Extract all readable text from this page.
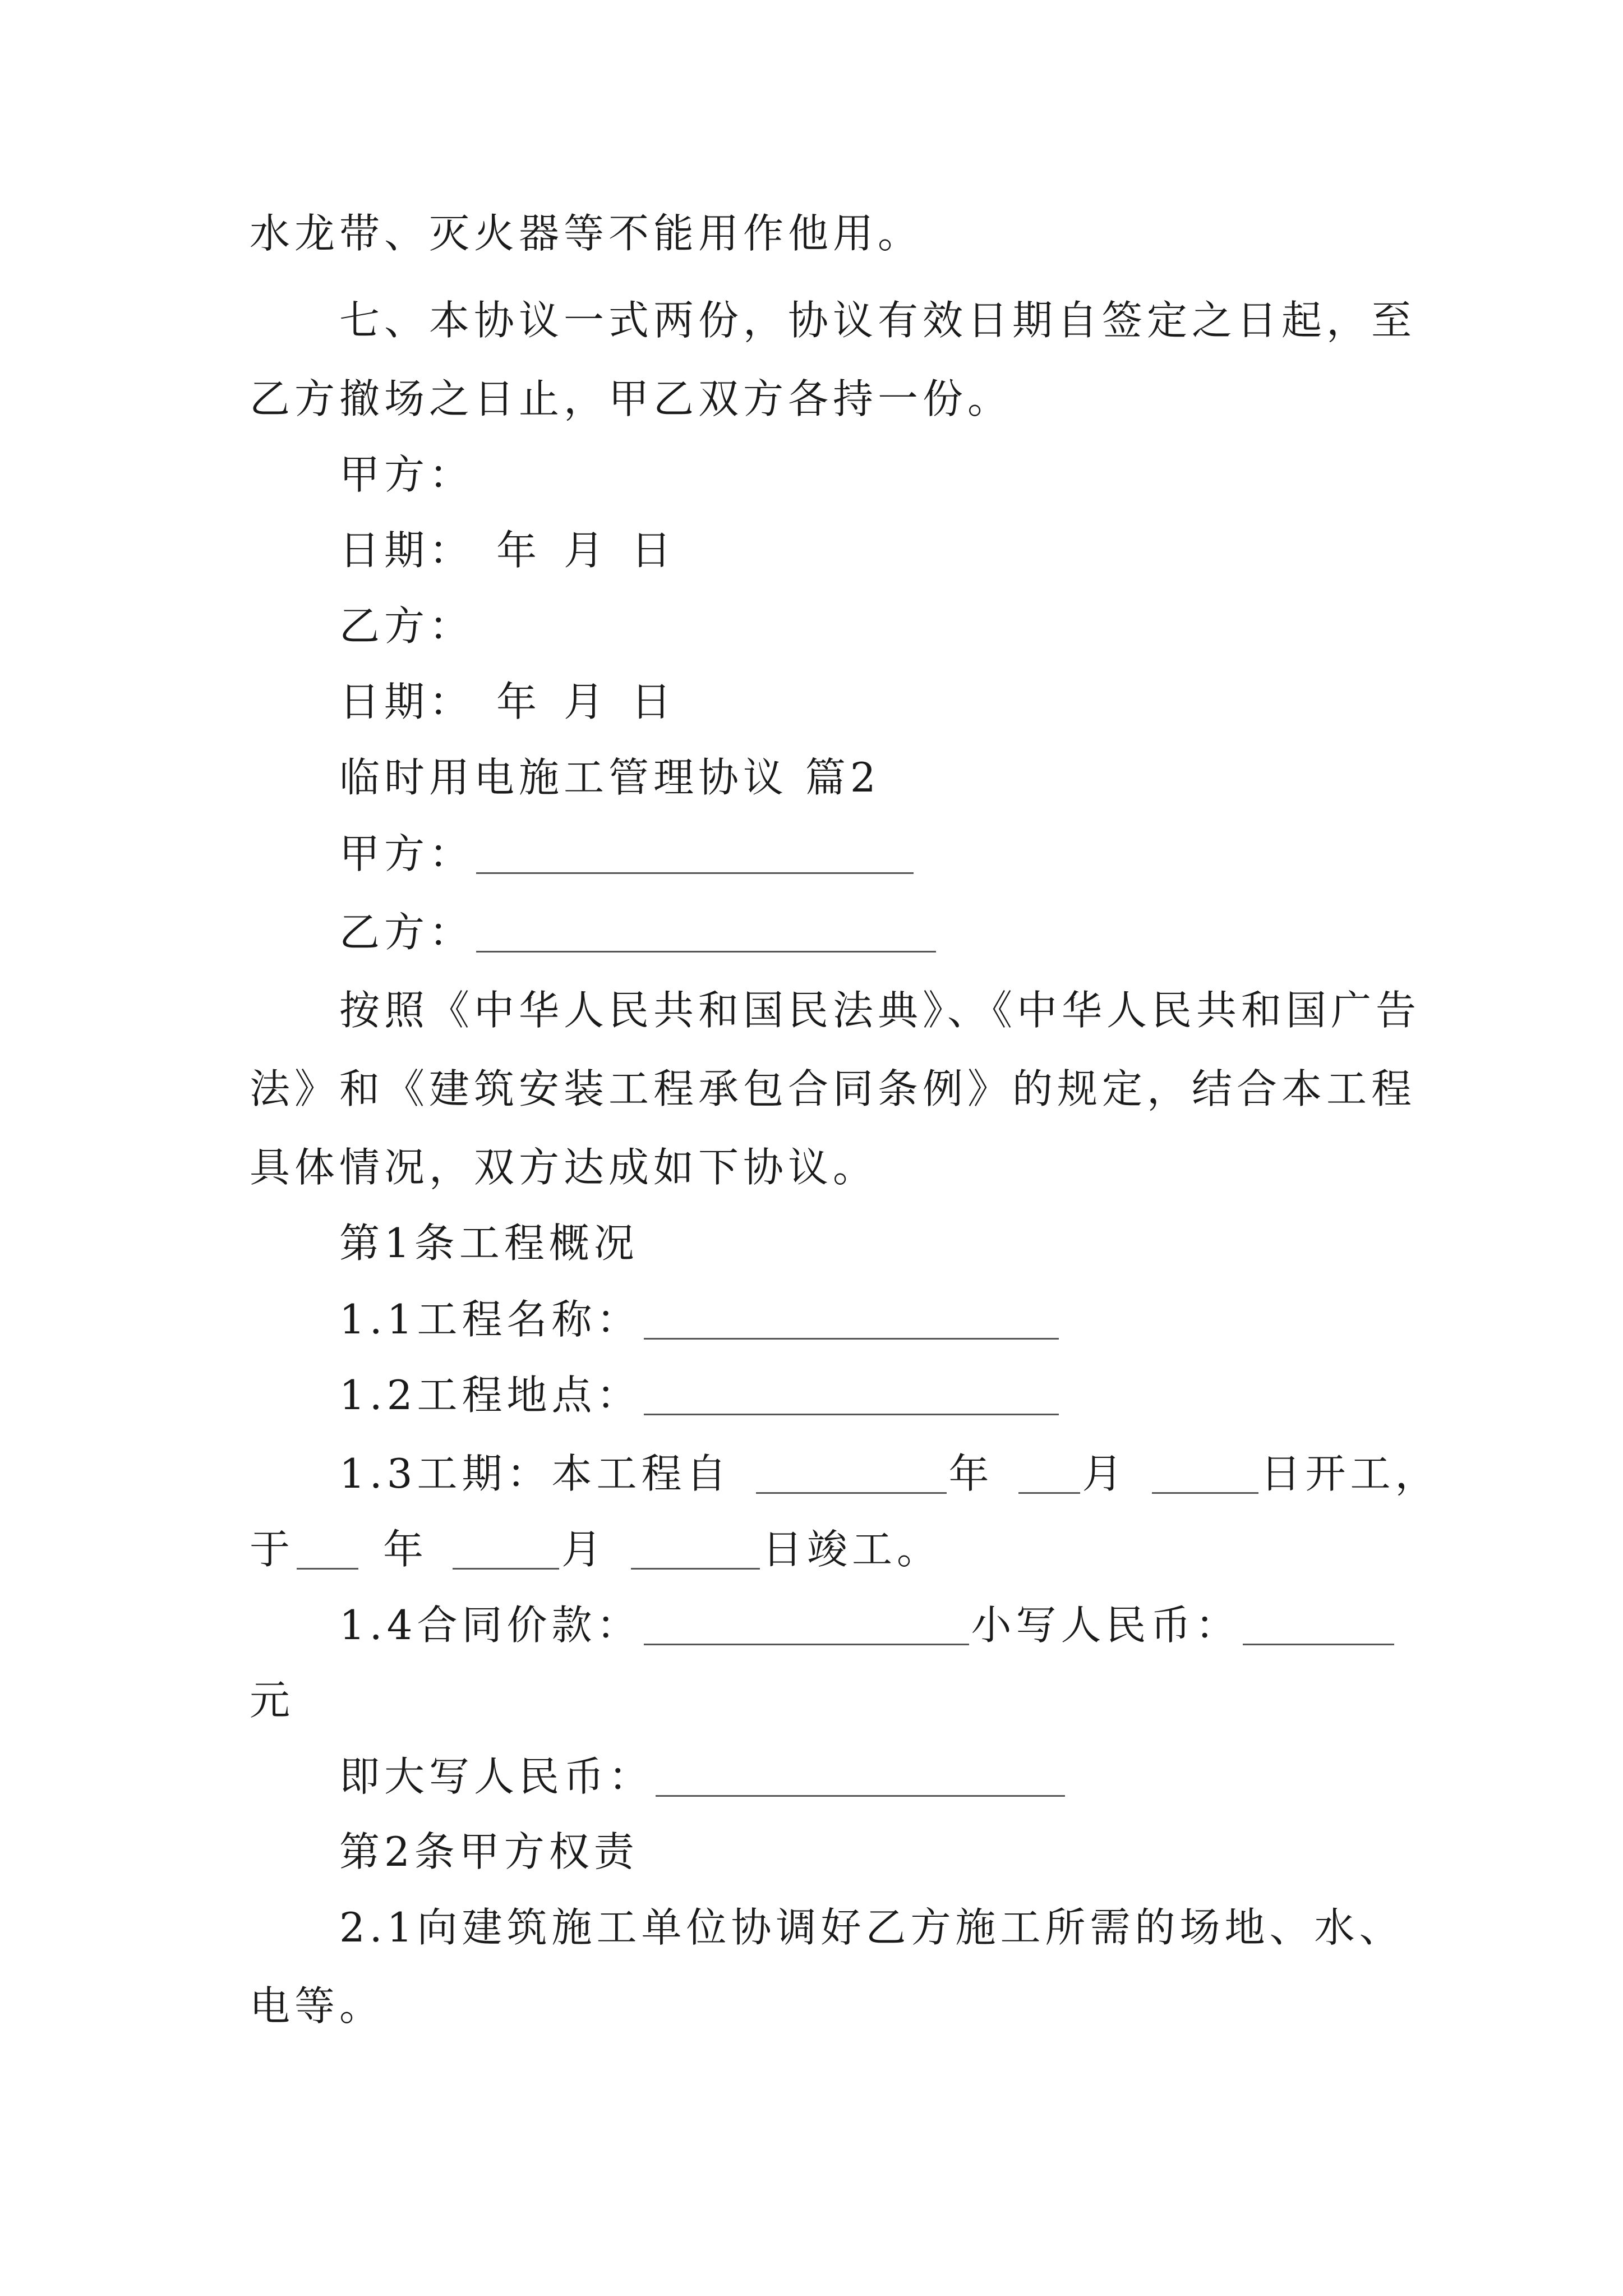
水龙带、灭火器等不能用作他用。
七、本协议一式两份，协议有效日期自签定之日起，至
乙方撤场之日止，甲乙双方各持一份。
甲方：
日期： 年 月 日
乙方：
日期： 年 月 日
临时用电施工管理协议 篇2
甲方：
乙方：
按照《中华人民共和国民法典》、《中华人民共和国广告
法》和《建筑安装工程承包合同条例》的规定，结合本工程
具体情况，双方达成如下协议。
第1条工程概况
1.1工程名称：
1.2工程地点：
1.3工期：本工程自	年 月	日开工，
于 年	月	日竣工。
1.4合同价款：	小写人民币：
元
即大写人民币：
第2条甲方权责
2.1向建筑施工单位协调好乙方施工所需的场地、水、
电等。
